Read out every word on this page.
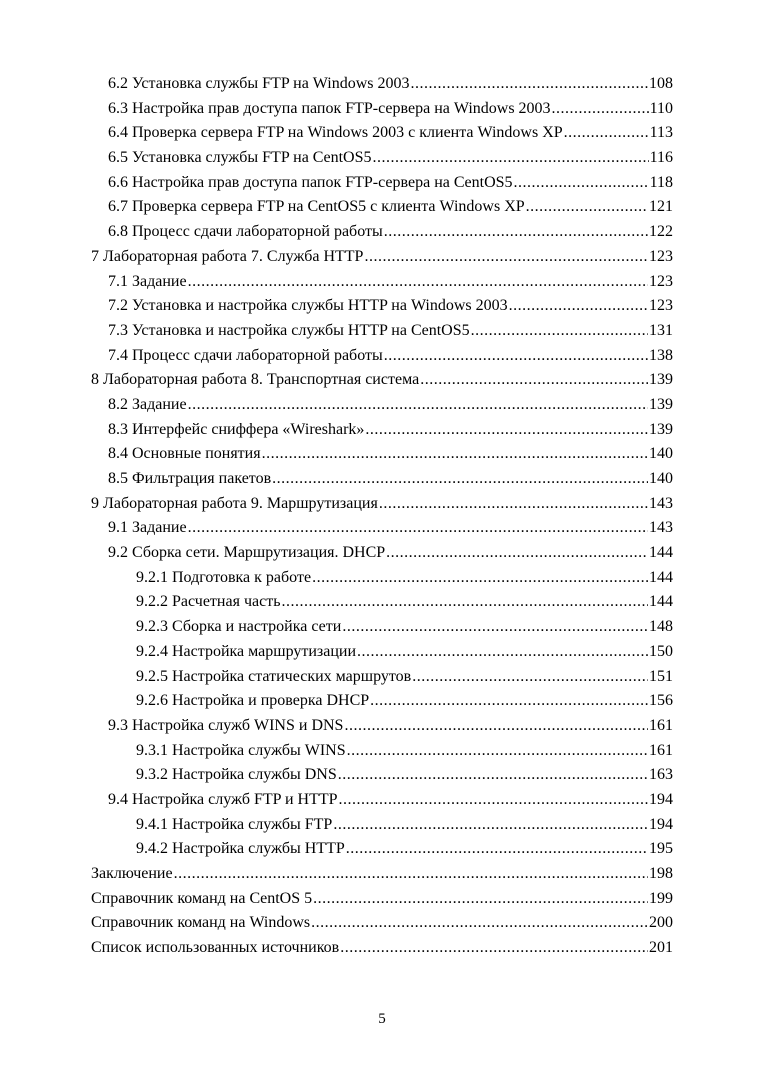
6.2 Установка службы FTP на Windows 2003 .....	108
6.3 Настройка прав доступа папок FTP-сервера на Windows 2003 .....	110
6.4 Проверка сервера FTP на Windows 2003 с клиента Windows XP .....	113
6.5 Установка службы FTP на CentOS5 .....	116
6.6 Настройка прав доступа папок FTP-сервера на CentOS5 .....	118
6.7 Проверка сервера FTP на CentOS5 с клиента Windows XP .....	121
6.8 Процесс сдачи лабораторной работы .....	122
7 Лабораторная работа 7. Служба HTTP .....	123
7.1 Задание .....	123
7.2 Установка и настройка службы HTTP на Windows 2003 .....	123
7.3 Установка и настройка службы HTTP на CentOS5 .....	131
7.4 Процесс сдачи лабораторной работы .....	138
8 Лабораторная работа 8. Транспортная система .....	139
8.2 Задание .....	139
8.3 Интерфейс сниффера «Wireshark» .....	139
8.4 Основные понятия .....	140
8.5 Фильтрация пакетов .....	140
9 Лабораторная работа 9. Маршрутизация .....	143
9.1 Задание .....	143
9.2 Сборка сети. Маршрутизация. DHCP .....	144
9.2.1 Подготовка к работе .....	144
9.2.2 Расчетная часть .....	144
9.2.3 Сборка и настройка сети .....	148
9.2.4 Настройка маршрутизации .....	150
9.2.5 Настройка статических маршрутов .....	151
9.2.6 Настройка и проверка DHCP .....	156
9.3 Настройка служб WINS и DNS .....	161
9.3.1 Настройка службы WINS .....	161
9.3.2 Настройка службы DNS .....	163
9.4 Настройка служб FTP и HTTP .....	194
9.4.1 Настройка службы FTP .....	194
9.4.2 Настройка службы HTTP .....	195
Заключение .....	198
Справочник команд на CentOS 5 .....	199
Справочник команд на Windows .....	200
Список использованных источников .....	201
5
